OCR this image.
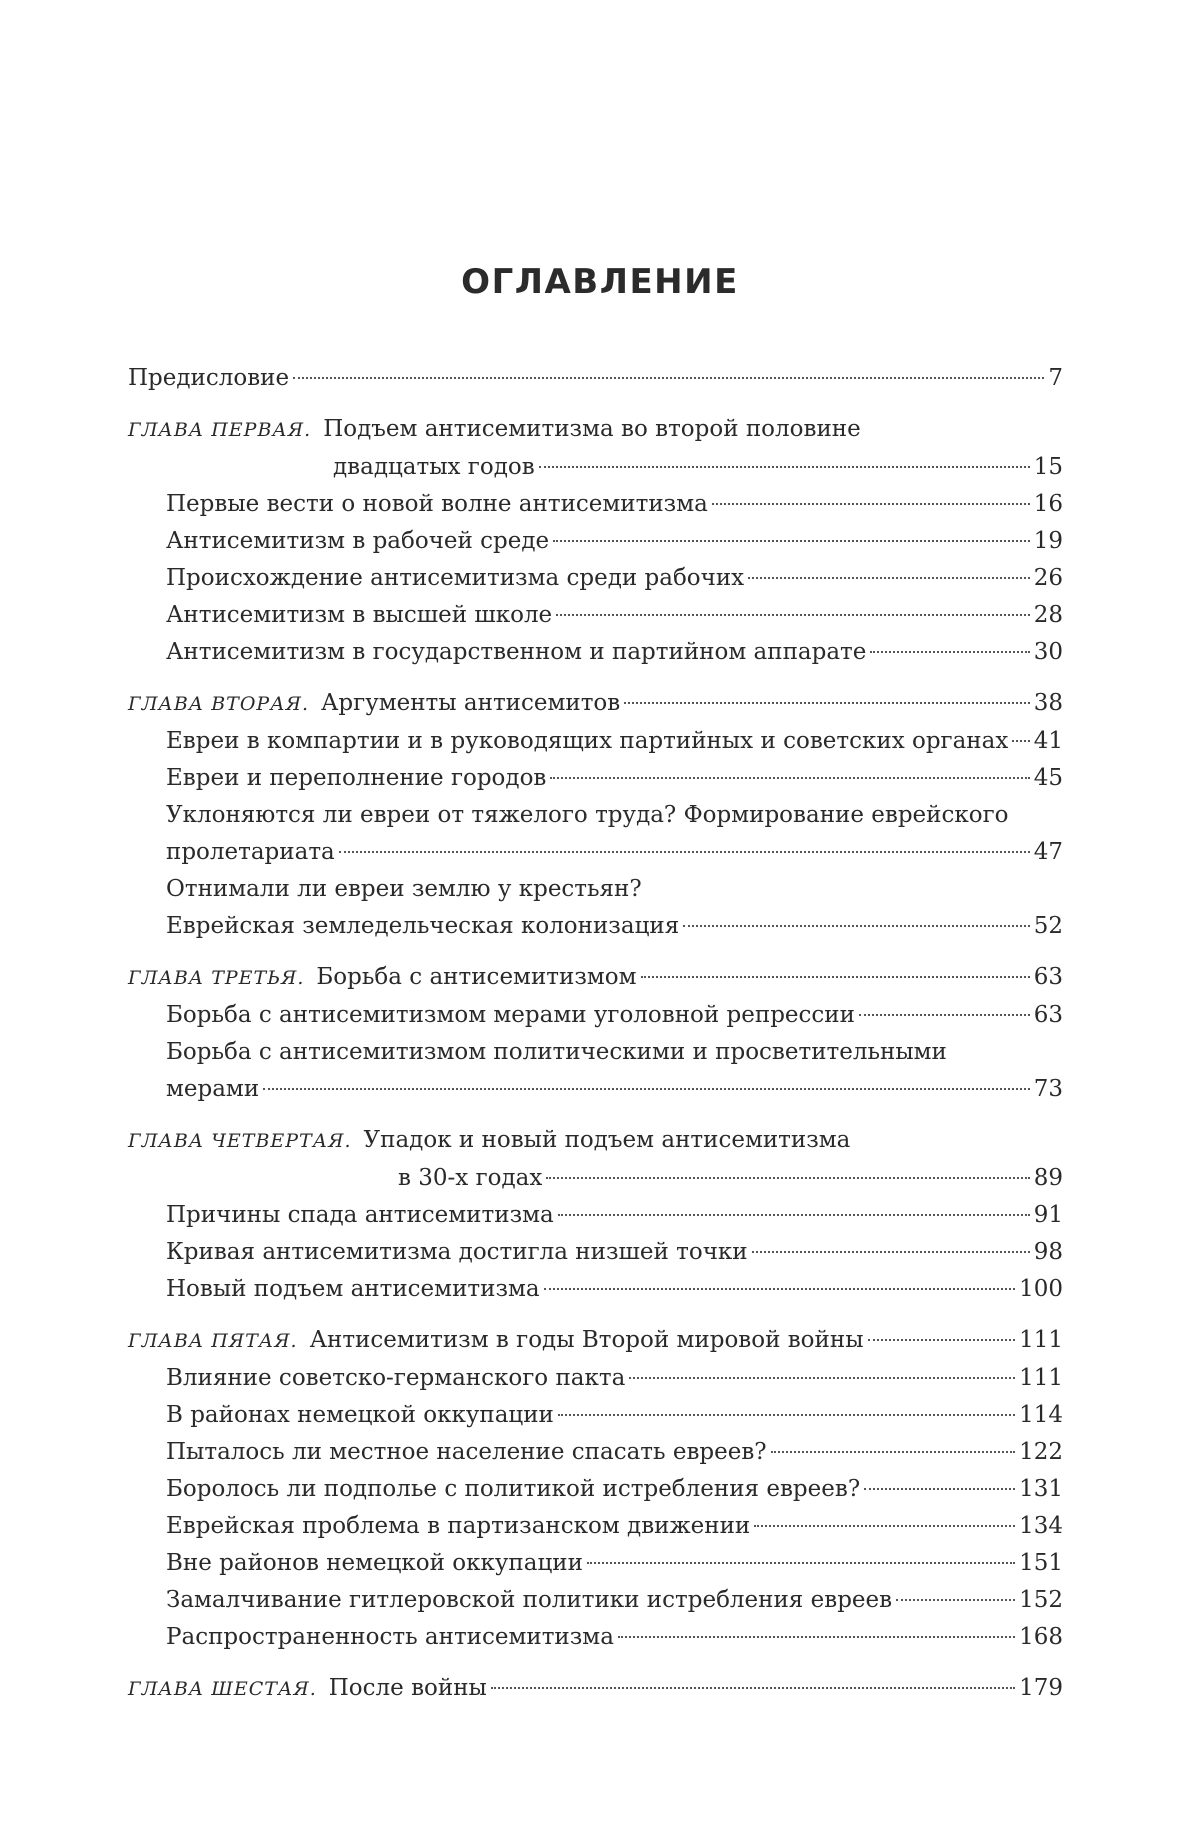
ОГЛАВЛЕНИЕ
Предисловие	7
ГЛАВА ПЕРВАЯ. Подъем антисемитизма во второй половине
двадцатых годов	15
Первые вести о новой волне антисемитизма	16
Антисемитизм в рабочей среде	19
Происхождение антисемитизма среди рабочих	26
Антисемитизм в высшей школе	28
Антисемитизм в государственном и партийном аппарате	30
ГЛАВА ВТОРАЯ. Аргументы антисемитов	38
Евреи в компартии и в руководящих партийных и советских органах 41
Евреи и переполнение городов	45
Уклоняются ли евреи от тяжелого труда? Формирование еврейского
пролетариата	47
Отнимали ли евреи землю у крестьян?
Еврейская земледельческая колонизация	52
ГЛАВА ТРЕТЬЯ. Борьба с антисемитизмом	63
Борьба с антисемитизмом мерами уголовной репрессии	63
Борьба с антисемитизмом политическими и просветительными
мерами	73
ГЛАВА ЧЕТВЕРТАЯ. Упадок и новый подъем антисемитизма
в 30-х годах	89
Причины спада антисемитизма	91
Кривая антисемитизма достигла низшей точки	98
Новый подъем антисемитизма	100
ГЛАВА ПЯТАЯ. Антисемитизм в годы Второй мировой войны	111
Влияние советско-германского пакта	111
В районах немецкой оккупации	114
Пыталось ли местное население спасать евреев?	122
Боролось ли подполье с политикой истребления евреев?	131
Еврейская проблема в партизанском движении	134
Вне районов немецкой оккупации	151
Замалчивание гитлеровской политики истребления евреев	152
Распространенность антисемитизма	168
ГЛАВА ШЕСТАЯ. После войны	179
